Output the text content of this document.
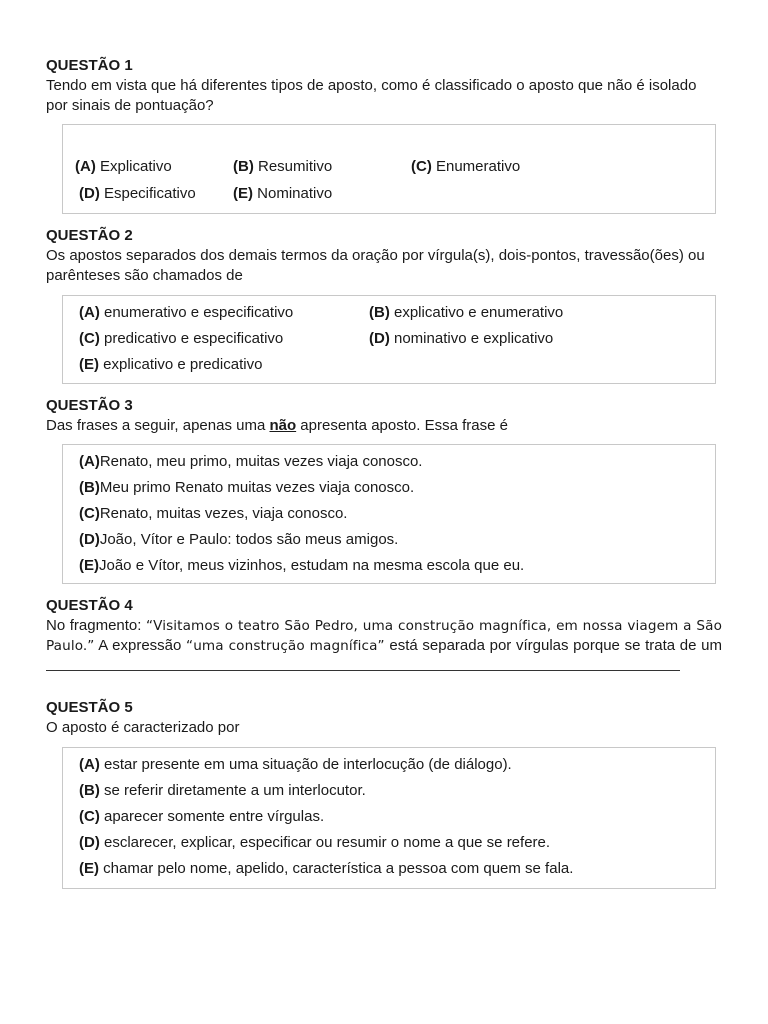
QUESTÃO 1

Tendo em vista que há diferentes tipos de aposto, como é classificado o aposto que não é isolado por sinais de pontuação?

(A) Explicativo	(B) Resumitivo	(C) Enumerativo
(D) Especificativo	(E) Nominativo

QUESTÃO 2

Os apostos separados dos demais termos da oração por vírgula(s), dois-pontos, travessão(ões) ou parênteses são chamados de

(A) enumerativo e especificativo	(B) explicativo e enumerativo
(C) predicativo e especificativo	(D) nominativo e explicativo
(E) explicativo e predicativo

QUESTÃO 3

Das frases a seguir, apenas uma não apresenta aposto. Essa frase é

(A)Renato, meu primo, muitas vezes viaja conosco.
(B)Meu primo Renato muitas vezes viaja conosco.
(C)Renato, muitas vezes, viaja conosco.
(D)João, Vítor e Paulo: todos são meus amigos.
(E)João e Vítor, meus vizinhos, estudam na mesma escola que eu.

QUESTÃO 4

No fragmento: “Visitamos o teatro São Pedro, uma construção magnífica, em nossa viagem a São Paulo.” A expressão “uma construção magnífica” está separada por vírgulas porque se trata de um

QUESTÃO 5

O aposto é caracterizado por

(A) estar presente em uma situação de interlocução (de diálogo).
(B) se referir diretamente a um interlocutor.
(C) aparecer somente entre vírgulas.
(D) esclarecer, explicar, especificar ou resumir o nome a que se refere.
(E) chamar pelo nome, apelido, característica a pessoa com quem se fala.
